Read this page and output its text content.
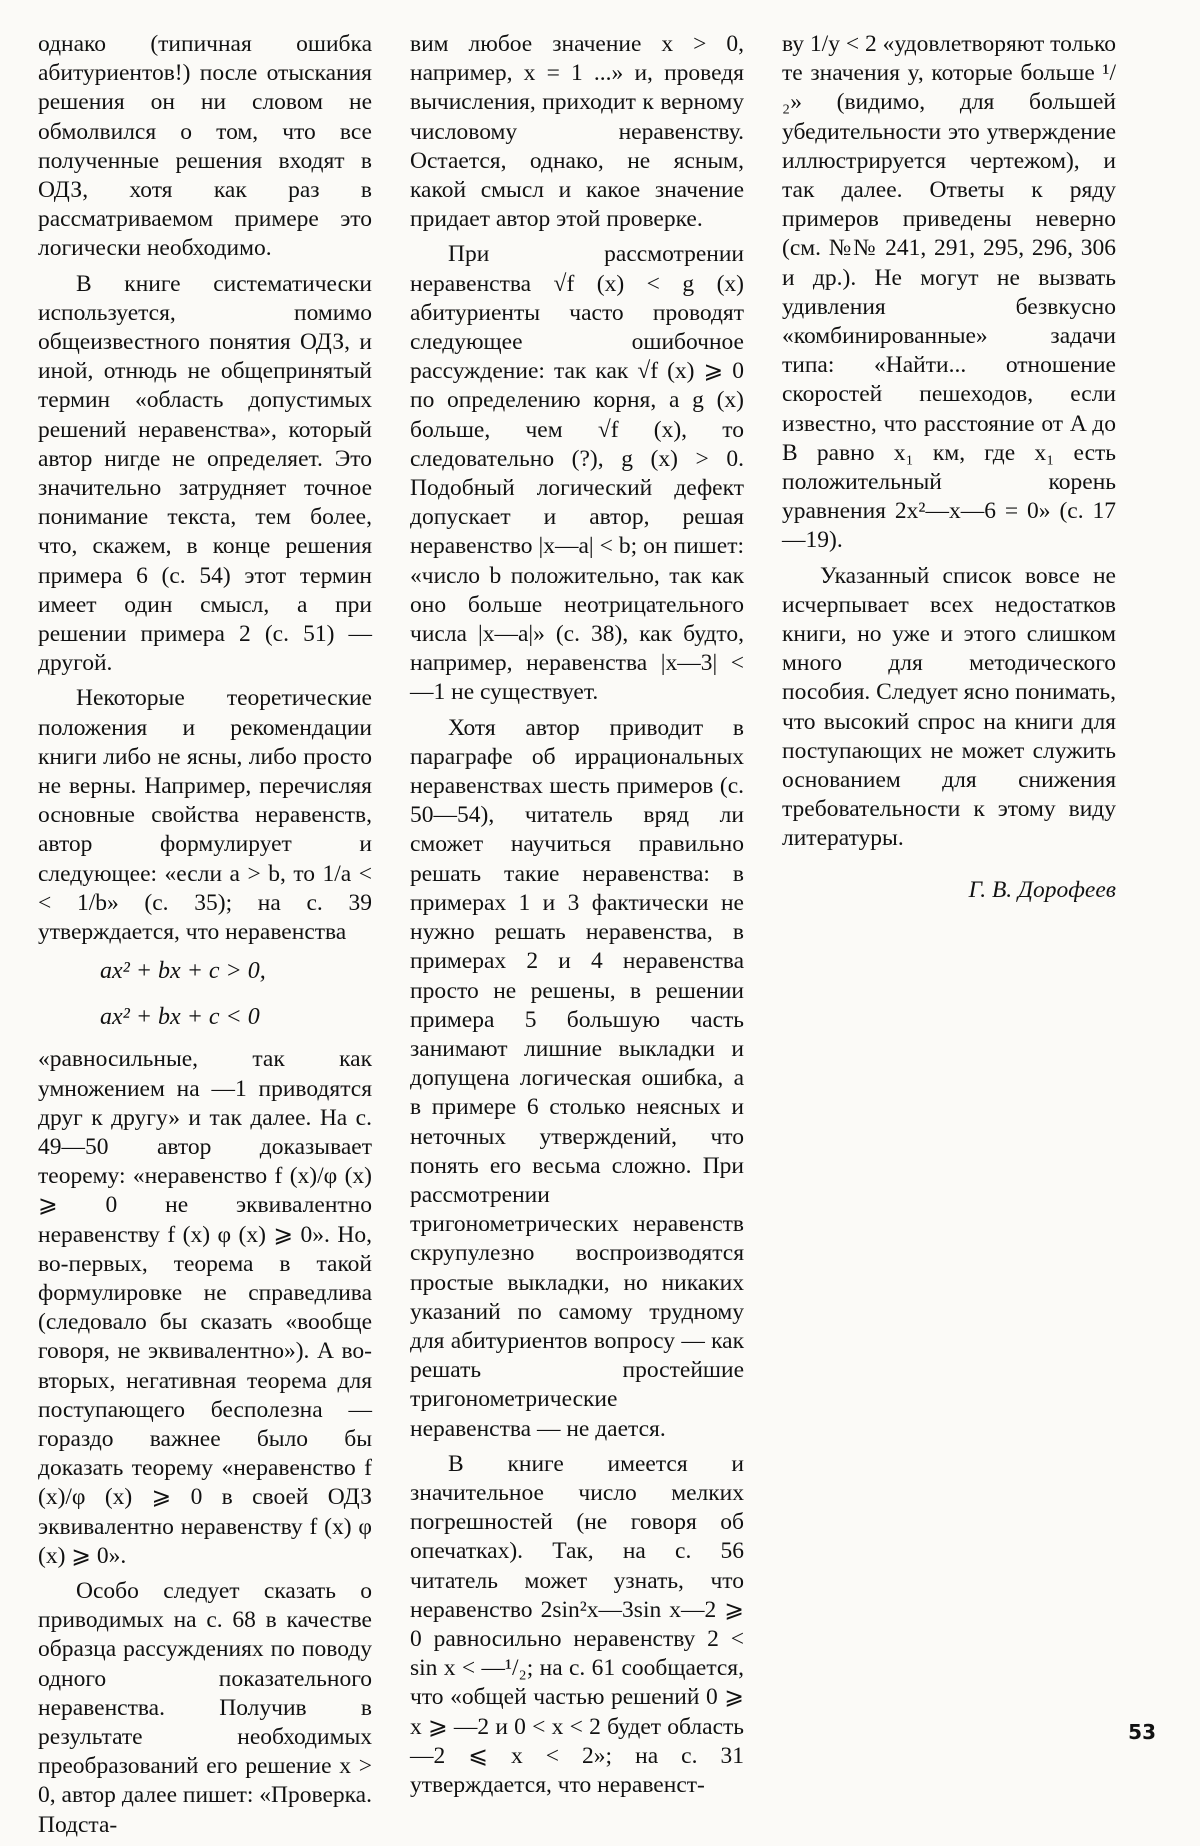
однако (типичная ошибка абитуриентов!) после отыскания решения он ни словом не обмолвился о том, что все полученные решения входят в ОДЗ, хотя как раз в рассматриваемом примере это логически необходимо.

В книге систематически используется, помимо общеизвестного понятия ОДЗ, и иной, отнюдь не общепринятый термин «область допустимых решений неравенства», который автор нигде не определяет. Это значительно затрудняет точное понимание текста, тем более, что, скажем, в конце решения примера 6 (с. 54) этот термин имеет один смысл, а при решении примера 2 (с. 51) — другой.

Некоторые теоретические положения и рекомендации книги либо не ясны, либо просто не верны. Например, перечисляя основные свойства неравенств, автор формулирует и следующее: «если a > b, то 1/a < < 1/b» (с. 35); на с. 39 утверждается, что неравенства

ax² + bx + c > 0,
ax² + bx + c < 0

«равносильные, так как умножением на —1 приводятся друг к другу» и так далее. На с. 49—50 автор доказывает теорему: «неравенство f (x)/φ (x) ⩾ 0 не эквивалентно неравенству f (x) φ (x) ⩾ 0». Но, во-первых, теорема в такой формулировке не справедлива (следовало бы сказать «вообще говоря, не эквивалентно»). А во-вторых, негативная теорема для поступающего бесполезна — гораздо важнее было бы доказать теорему «неравенство f (x)/φ (x) ⩾ 0 в своей ОДЗ эквивалентно неравенству f (x) φ (x) ⩾ 0».

Особо следует сказать о приводимых на с. 68 в качестве образца рассуждениях по поводу одного показательного неравенства. Получив в результате необходимых преобразований его решение x > 0, автор далее пишет: «Проверка. Подста-

вим любое значение x > 0, например, x = 1 ...» и, проведя вычисления, приходит к верному числовому неравенству. Остается, однако, не ясным, какой смысл и какое значение придает автор этой проверке.

При рассмотрении неравенства √f (x) < g (x) абитуриенты часто проводят следующее ошибочное рассуждение: так как √f (x) ⩾ 0 по определению корня, а g (x) больше, чем √f (x), то следовательно (?), g (x) > 0. Подобный логический дефект допускает и автор, решая неравенство |x—a| < b; он пишет: «число b положительно, так как оно больше неотрицательного числа |x—a|» (с. 38), как будто, например, неравенства |x—3| < —1 не существует.

Хотя автор приводит в параграфе об иррациональных неравенствах шесть примеров (с. 50—54), читатель вряд ли сможет научиться правильно решать такие неравенства: в примерах 1 и 3 фактически не нужно решать неравенства, в примерах 2 и 4 неравенства просто не решены, в решении примера 5 большую часть занимают лишние выкладки и допущена логическая ошибка, а в примере 6 столько неясных и неточных утверждений, что понять его весьма сложно. При рассмотрении тригонометрических неравенств скрупулезно воспроизводятся простые выкладки, но никаких указаний по самому трудному для абитуриентов вопросу — как решать простейшие тригонометрические неравенства — не дается.

В книге имеется и значительное число мелких погрешностей (не говоря об опечатках). Так, на с. 56 читатель может узнать, что неравенство 2sin²x—3sin x—2 ⩾ 0 равносильно неравенству 2 < sin x < —¹/₂; на с. 61 сообщается, что «общей частью решений 0 ⩾ x ⩾ —2 и 0 < x < 2 будет область —2 ⩽ x < 2»; на с. 31 утверждается, что неравенст-

ву 1/y < 2 «удовлетворяют только те значения y, которые больше ¹/₂» (видимо, для большей убедительности это утверждение иллюстрируется чертежом), и так далее. Ответы к ряду примеров приведены неверно (см. №№ 241, 291, 295, 296, 306 и др.). Не могут не вызвать удивления безвкусно «комбинированные» задачи типа: «Найти... отношение скоростей пешеходов, если известно, что расстояние от A до B равно x₁ км, где x₁ есть положительный корень уравнения 2x²—x—6 = 0» (с. 17—19).

Указанный список вовсе не исчерпывает всех недостатков книги, но уже и этого слишком много для методического пособия. Следует ясно понимать, что высокий спрос на книги для поступающих не может служить основанием для снижения требовательности к этому виду литературы.

Г. В. Дорофеев
53
